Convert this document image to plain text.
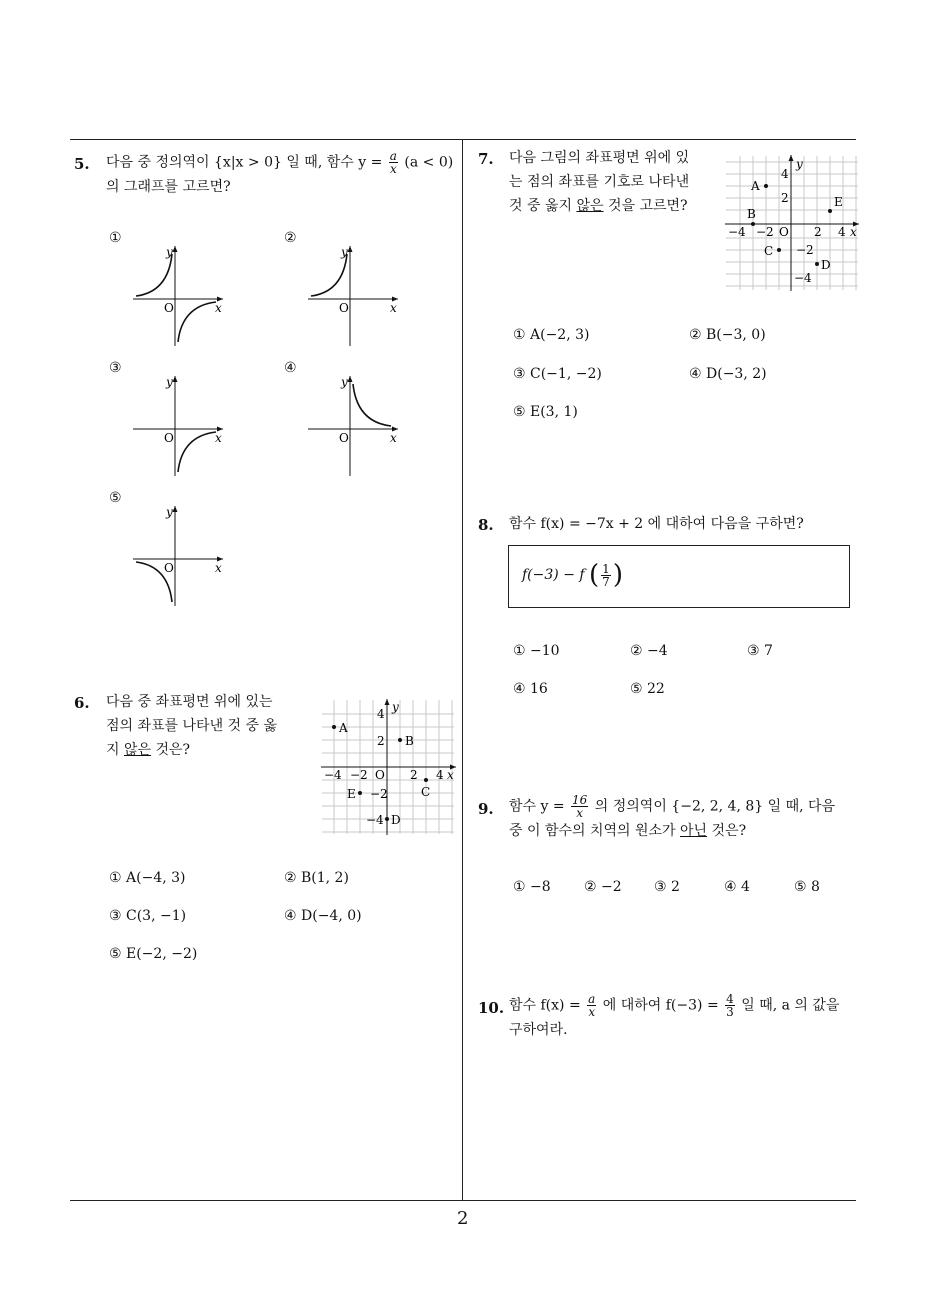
2
5. 다음 중 정의역이 {x|x > 0} 일 때, 함수 $y = \frac{a}{x} (a < 0)$
의 그래프를 고르면?
①	②
③	④
⑤
O	x
y
O	x
y
O	x
y
O	x
y
O	x
y
6. 다음 중 좌표평면 위에 있는
점의 좌표를 나타낸 것 중 옳
지 않은 것은?
y
x
O
4
2
−2
−4
−4 −2	2 4
A
B
C
D
E
① A(−4, 3)	② B(1, 2)
③ C(3, −1)	④ D(−4, 0)
⑤ E(−2, −2)
7. 다음 그림의 좌표평면 위에 있
는 점의 좌표를 기호로 나타낸
것 중 옳지 않은 것을 고르면?
y
x
O
4
2
−2
−4
−4 −2	2 4
A
B
C
D
E
① A(−2, 3)	② B(−3, 0)
③ C(−1, −2)	④ D(−3, 2)
⑤ E(3, 1)
8. 함수 f(x) = −7x + 2 에 대하여 다음을 구하면?
f(−3) − f ( $\frac{1}{7}$ )
① −10	② −4	③ 7
④ 16	⑤ 22
9. 함수 $y = \frac{16}{x}$ 의 정의역이 {−2, 2, 4, 8} 일 때, 다음
중 이 함수의 치역의 원소가 아닌 것은?
① −8 ② −2 ③ 2	④ 4	⑤ 8
10. 함수 $f(x) = \frac{a}{x}$ 에 대하여 $f(-3) = \frac{4}{3}$ 일 때, a 의 값을
구하여라.
